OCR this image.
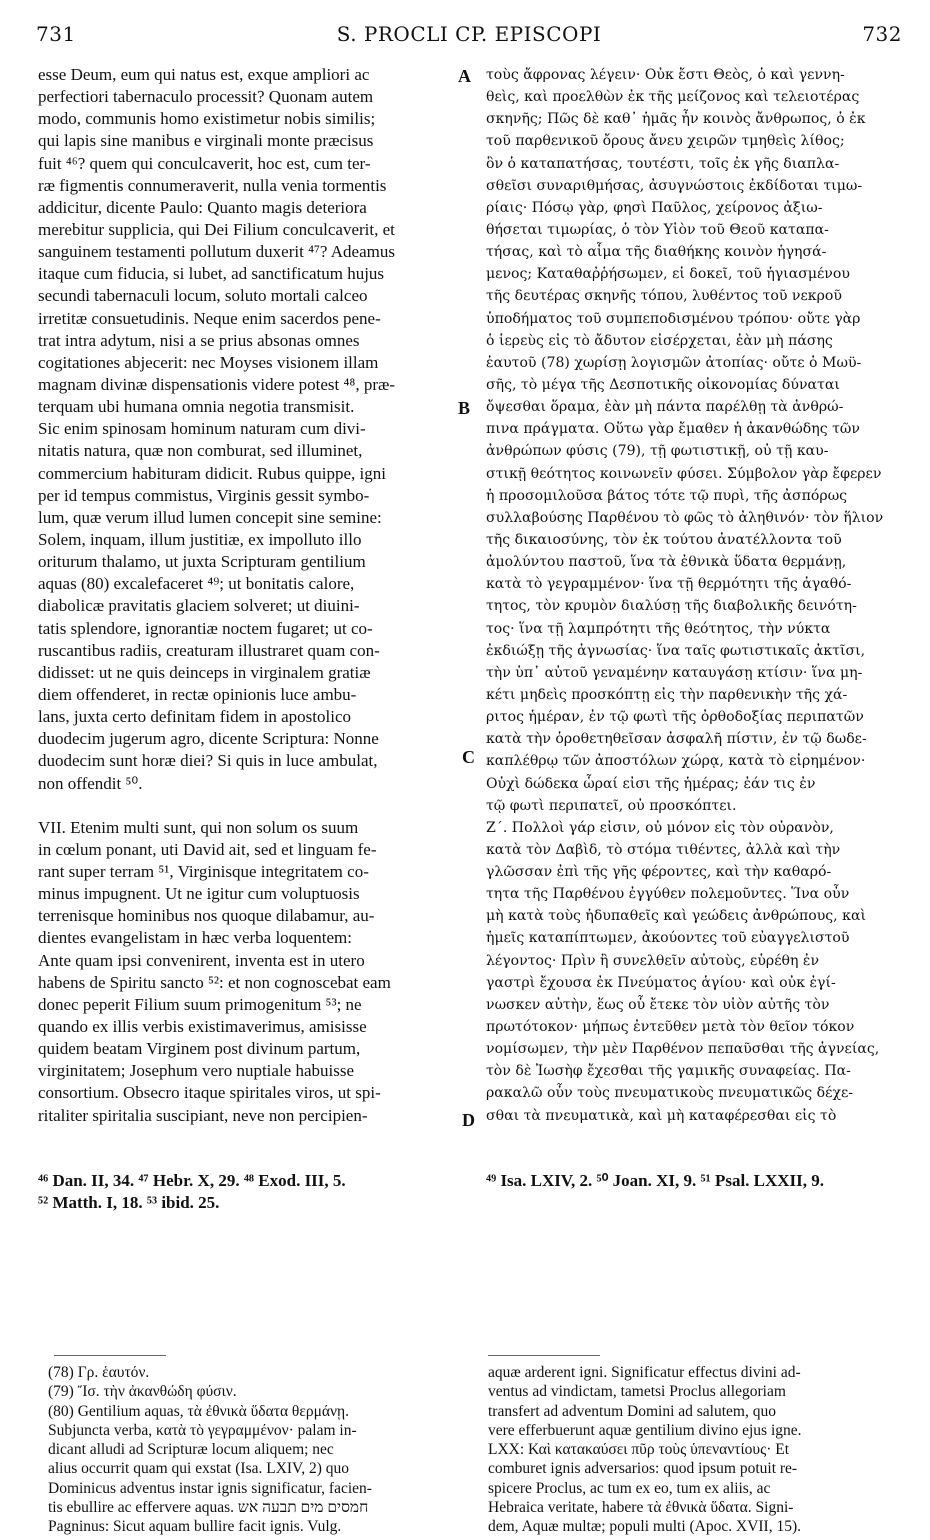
731	S. PROCLI CP. EPISCOPI	732
esse Deum, eum qui natus est, exque ampliori ac
perfectiori tabernaculo processit? Quonam autem
modo, communis homo existimetur nobis similis;
qui lapis sine manibus e virginali monte præcisus
fuit ⁴⁶? quem qui conculcaverit, hoc est, cum ter-
ræ figmentis connumeraverit, nulla venia tormentis
addicitur, dicente Paulo: Quanto magis deteriora
merebitur supplicia, qui Dei Filium conculcaverit, et
sanguinem testamenti pollutum duxerit ⁴⁷? Adeamus
itaque cum fiducia, si lubet, ad sanctificatum hujus
secundi tabernaculi locum, soluto mortali calceo
irretitæ consuetudinis. Neque enim sacerdos pene-
trat intra adytum, nisi a se prius absonas omnes
cogitationes abjecerit: nec Moyses visionem illam
magnam divinæ dispensationis videre potest ⁴⁸, præ-
terquam ubi humana omnia negotia transmisit.
Sic enim spinosam hominum naturam cum divi-
nitatis natura, quæ non comburat, sed illuminet,
commercium habituram didicit. Rubus quippe, igni
per id tempus commistus, Virginis gessit symbo-
lum, quæ verum illud lumen concepit sine semine:
Solem, inquam, illum justitiæ, ex impolluto illo
oriturum thalamo, ut juxta Scripturam gentilium
aquas (80) excalefaceret ⁴⁹; ut bonitatis calore,
diabolicæ pravitatis glaciem solveret; ut diuini-
tatis splendore, ignorantiæ noctem fugaret; ut co-
ruscantibus radiis, creaturam illustraret quam con-
didisset: ut ne quis deinceps in virginalem gratiæ
diem offenderet, in rectæ opinionis luce ambu-
lans, juxta certo definitam fidem in apostolico
duodecim jugerum agro, dicente Scriptura: Nonne
duodecim sunt horæ diei? Si quis in luce ambulat,
non offendit ⁵⁰.
VII. Etenim multi sunt, qui non solum os suum
in cœlum ponant, uti David ait, sed et linguam fe-
rant super terram ⁵¹, Virginisque integritatem co-
minus impugnent. Ut ne igitur cum voluptuosis
terrenisque hominibus nos quoque dilabamur, au-
dientes evangelistam in hæc verba loquentem:
Ante quam ipsi convenirent, inventa est in utero
habens de Spiritu sancto ⁵²: et non cognoscebat eam
donec peperit Filium suum primogenitum ⁵³; ne
quando ex illis verbis existimaverimus, amisisse
quidem beatam Virginem post divinum partum,
virginitatem; Josephum vero nuptiale habuisse
consortium. Obsecro itaque spiritales viros, ut spi-
ritaliter spiritalia suscipiant, neve non percipien-
τοὺς ἄφρονας λέγειν· Οὐκ ἔστι Θεὸς, ὁ καὶ γεννη-
θεὶς, καὶ προελθὼν ἐκ τῆς μείζονος καὶ τελειοτέρας
σκηνῆς; Πῶς δὲ καθ᾽ ἡμᾶς ἦν κοινὸς ἄνθρωπος, ὁ ἐκ
τοῦ παρθενικοῦ ὄρους ἄνευ χειρῶν τμηθεὶς λίθος;
ὃν ὁ καταπατήσας, τουτέστι, τοῖς ἐκ γῆς διαπλα-
σθεῖσι συναριθμήσας, ἀσυγνώστοις ἐκδίδοται τιμω-
ρίαις· Πόσῳ γὰρ, φησὶ Παῦλος, χείρονος ἀξιω-
θήσεται τιμωρίας, ὁ τὸν Υἱὸν τοῦ Θεοῦ καταπα-
τήσας, καὶ τὸ αἷμα τῆς διαθήκης κοινὸν ἡγησά-
μενος; Καταθαῤῥήσωμεν, εἰ δοκεῖ, τοῦ ἡγιασμένου
τῆς δευτέρας σκηνῆς τόπου, λυθέντος τοῦ νεκροῦ
ὑποδήματος τοῦ συμπεποδισμένου τρόπου· οὔτε γὰρ
ὁ ἱερεὺς εἰς τὸ ἄδυτον εἰσέρχεται, ἐὰν μὴ πάσης
ἑαυτοῦ (78) χωρίσῃ λογισμῶν ἀτοπίας· οὔτε ὁ Μωϋ-
σῆς, τὸ μέγα τῆς Δεσποτικῆς οἰκονομίας δύναται
ὄψεσθαι ὅραμα, ἐὰν μὴ πάντα παρέλθῃ τὰ ἀνθρώ-
πινα πράγματα. Οὕτω γὰρ ἔμαθεν ἡ ἀκανθώδης τῶν
ἀνθρώπων φύσις (79), τῇ φωτιστικῇ, οὐ τῇ καυ-
στικῇ θεότητος κοινωνεῖν φύσει. Σύμβολον γὰρ ἔφερεν
ἡ προσομιλοῦσα βάτος τότε τῷ πυρὶ, τῆς ἀσπόρως
συλλαβούσης Παρθένου τὸ φῶς τὸ ἀληθινόν· τὸν ἥλιον
τῆς δικαιοσύνης, τὸν ἐκ τούτου ἀνατέλλοντα τοῦ
ἀμολύντου παστοῦ, ἵνα τὰ ἐθνικὰ ὕδατα θερμάνῃ,
κατὰ τὸ γεγραμμένον· ἵνα τῇ θερμότητι τῆς ἀγαθό-
τητος, τὸν κρυμὸν διαλύσῃ τῆς διαβολικῆς δεινότη-
τος· ἵνα τῇ λαμπρότητι τῆς θεότητος, τὴν νύκτα
ἐκδιώξῃ τῆς ἀγνωσίας· ἵνα ταῖς φωτιστικαῖς ἀκτῖσι,
τὴν ὑπ᾽ αὐτοῦ γεναμένην καταυγάσῃ κτίσιν· ἵνα μη-
κέτι μηδεὶς προσκόπτῃ εἰς τὴν παρθενικὴν τῆς χά-
ριτος ἡμέραν, ἐν τῷ φωτὶ τῆς ὀρθοδοξίας περιπατῶν
κατὰ τὴν ὁροθετηθεῖσαν ἀσφαλῆ πίστιν, ἐν τῷ δωδε-
καπλέθρῳ τῶν ἀποστόλων χώρᾳ, κατὰ τὸ εἰρημένον·
Οὐχὶ δώδεκα ὧραί εἰσι τῆς ἡμέρας; ἐάν τις ἐν
τῷ φωτὶ περιπατεῖ, οὐ προσκόπτει.
Ζ΄. Πολλοὶ γάρ εἰσιν, οὐ μόνον εἰς τὸν οὐρανὸν,
κατὰ τὸν Δαβὶδ, τὸ στόμα τιθέντες, ἀλλὰ καὶ τὴν
γλῶσσαν ἐπὶ τῆς γῆς φέροντες, καὶ τὴν καθαρό-
τητα τῆς Παρθένου ἐγγύθεν πολεμοῦντες. Ἵνα οὖν
μὴ κατὰ τοὺς ἡδυπαθεῖς καὶ γεώδεις ἀνθρώπους, καὶ
ἡμεῖς καταπίπτωμεν, ἀκούοντες τοῦ εὐαγγελιστοῦ
λέγοντος· Πρὶν ἢ συνελθεῖν αὐτοὺς, εὑρέθη ἐν
γαστρὶ ἔχουσα ἐκ Πνεύματος ἁγίου· καὶ οὐκ ἐγί-
νωσκεν αὐτὴν, ἕως οὗ ἔτεκε τὸν υἱὸν αὐτῆς τὸν
πρωτότοκον· μήπως ἐντεῦθεν μετὰ τὸν θεῖον τόκον
νομίσωμεν, τὴν μὲν Παρθένον πεπαῦσθαι τῆς ἁγνείας,
τὸν δὲ Ἰωσὴφ ἔχεσθαι τῆς γαμικῆς συναφείας. Πα-
ρακαλῶ οὖν τοὺς πνευματικοὺς πνευματικῶς δέχε-
σθαι τὰ πνευματικὰ, καὶ μὴ καταφέρεσθαι εἰς τὸ
A
B
C
D
⁴⁶ Dan. II, 34. ⁴⁷ Hebr. X, 29. ⁴⁸ Exod. III, 5.
⁵² Matth. I, 18. ⁵³ ibid. 25.
⁴⁹ Isa. LXIV, 2. ⁵⁰ Joan. XI, 9. ⁵¹ Psal. LXXII, 9.
(78) Γρ. ἑαυτόν.
(79) Ἴσ. τὴν ἀκανθώδη φύσιν.
(80) Gentilium aquas, τὰ ἐθνικὰ ὕδατα θερμάνῃ.
Subjuncta verba, κατὰ τὸ γεγραμμένον· palam in-
dicant alludi ad Scripturæ locum aliquem; nec
alius occurrit quam qui exstat (Isa. LXIV, 2) quo
Dominicus adventus instar ignis significatur, facien-
tis ebullire ac effervere aquas. חמסים מים תבעה אש
Pagninus: Sicut aquam bullire facit ignis. Vulg.
aquæ arderent igni. Significatur effectus divini ad-
ventus ad vindictam, tametsi Proclus allegoriam
transfert ad adventum Domini ad salutem, quo
vere efferbuerunt aquæ gentilium divino ejus igne.
LXX: Καὶ κατακαύσει πῦρ τοὺς ὑπεναντίους· Et
comburet ignis adversarios: quod ipsum potuit re-
spicere Proclus, ac tum ex eo, tum ex aliis, ac
Hebraica veritate, habere τὰ ἐθνικὰ ὕδατα. Signi-
dem, Aquæ multæ; populi multi (Apoc. XVII, 15).
